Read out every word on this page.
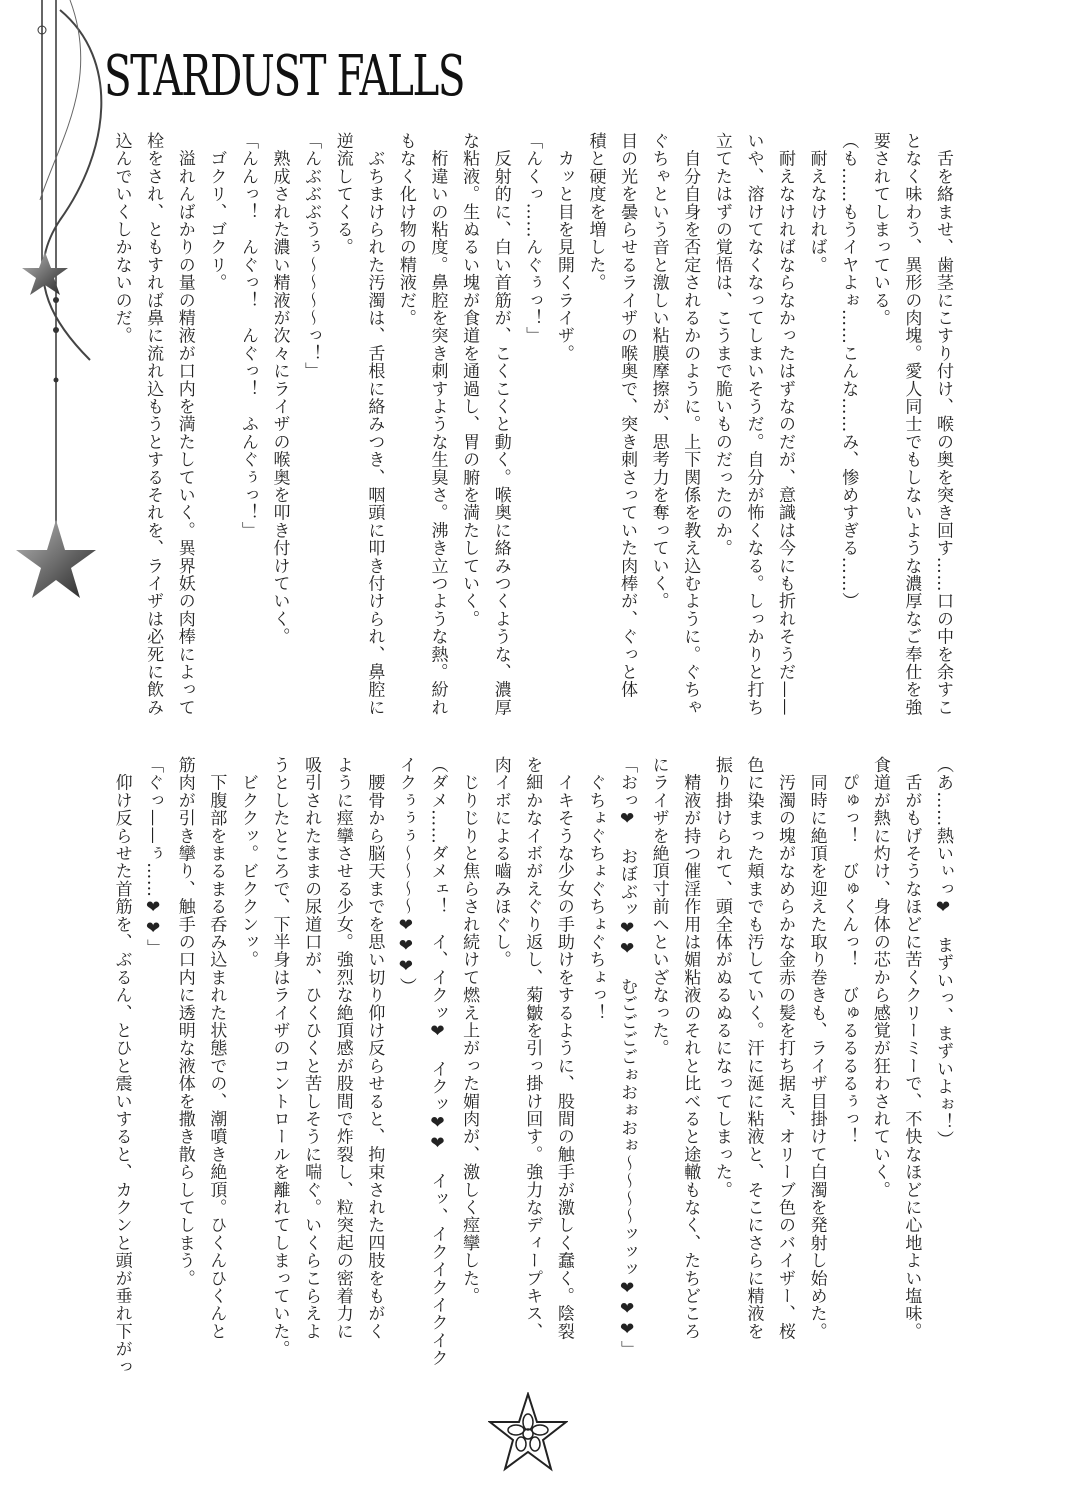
STARDUST FALLS
　舌を絡ませ、歯茎にこすり付け、喉の奥を突き回す……口の中を余すこ
となく味わう、異形の肉塊。愛人同士でもしないような濃厚なご奉仕を強
要されてしまっている。
（も……もうイヤよぉ……こんな……み、惨めすぎる……）
　耐えなければ。
　耐えなければならなかったはずなのだが、意識は今にも折れそうだ——
いや、溶けてなくなってしまいそうだ。自分が怖くなる。しっかりと打ち
立てたはずの覚悟は、こうまで脆いものだったのか。
　自分自身を否定されるかのように。上下関係を教え込むように。ぐちゃ
ぐちゃという音と激しい粘膜摩擦が、思考力を奪っていく。
目の光を曇らせるライザの喉奥で、突き刺さっていた肉棒が、ぐっと体
積と硬度を増した。
　カッと目を見開くライザ。
「んくっ……んぐぅっ！」
　反射的に、白い首筋が、こくこくと動く。喉奥に絡みつくような、濃厚
な粘液。生ぬるい塊が食道を通過し、胃の腑を満たしていく。
　桁違いの粘度。鼻腔を突き刺すような生臭さ。沸き立つような熱。紛れ
もなく化け物の精液だ。
　ぶちまけられた汚濁は、舌根に絡みつき、咽頭に叩き付けられ、鼻腔に
逆流してくる。
「んぶぶぶうぅ～～～～っ！」
　熟成された濃い精液が次々にライザの喉奥を叩き付けていく。
「んんっ！　んぐっ！　んぐっ！　ふんぐぅっ！」
　ゴクリ、ゴクリ。
　溢れんばかりの量の精液が口内を満たしていく。異界妖の肉棒によって
栓をされ、ともすれば鼻に流れ込もうとするそれを、ライザは必死に飲み
込んでいくしかないのだ。
（あ……熱いぃっ❤　まずいっ、まずいよぉ！）
　舌がもげそうなほどに苦くクリーミーで、不快なほどに心地よい塩味。
食道が熱に灼け、身体の芯から感覚が狂わされていく。
　ぴゅっ！　びゅくんっ！　びゅるるるるぅっ！
　同時に絶頂を迎えた取り巻きも、ライザ目掛けて白濁を発射し始めた。
　汚濁の塊がなめらかな金赤の髪を打ち据え、オリーブ色のバイザー、桜
色に染まった頬までも汚していく。汗に涎に粘液と、そこにさらに精液を
振り掛けられて、頭全体がぬるぬるになってしまった。
　精液が持つ催淫作用は媚粘液のそれと比べると途轍もなく、たちどころ
にライザを絶頂寸前へといざなった。
「おっ❤　おぼぶッ❤❤　むごごごごぉおぉおぉ～～～～ッッッ❤❤❤」
　ぐちょぐちょぐちょぐちょっ！
　イキそうな少女の手助けをするように、股間の触手が激しく蠢く。陰裂
を細かなイボがえぐり返し、菊皺を引っ掛け回す。強力なディープキス、
肉イボによる嚙みほぐし。
　じりじりと焦らされ続けて燃え上がった媚肉が、激しく痙攣した。
（ダメ……ダメェ！　イ、イクッ❤　イクッ❤❤　イッ、イクイクイクイク
イクぅぅぅ～～～～❤❤❤）
　腰骨から脳天までを思い切り仰け反らせると、拘束された四肢をもがく
ように痙攣させる少女。強烈な絶頂感が股間で炸裂し、粒突起の密着力に
吸引されたままの尿道口が、ひくひくと苦しそうに喘ぐ。いくらこらえよ
うとしたところで、下半身はライザのコントロールを離れてしまっていた。
　ビククッ。ビククンッ。
　下腹部をまるまる呑み込まれた状態での、潮噴き絶頂。ひくんひくんと
筋肉が引き攣り、触手の口内に透明な液体を撒き散らしてしまう。
「ぐっ——ぅ……❤❤」
　仰け反らせた首筋を、ぶるん、とひと震いすると、カクンと頭が垂れ下がっ
